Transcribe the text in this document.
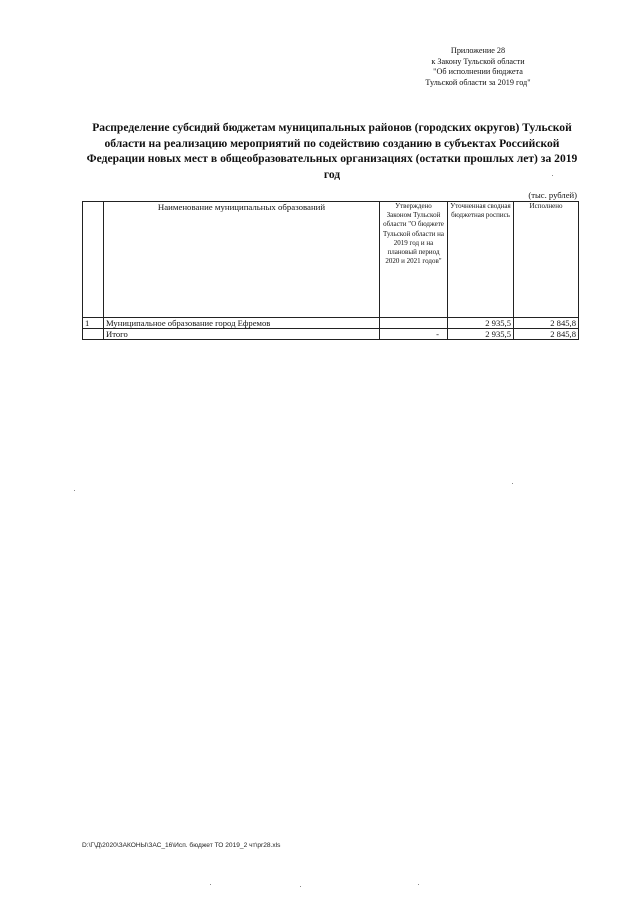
Приложение 28
к Закону Тульской области
"Об исполнении бюджета
Тульской области за 2019 год"
Распределение субсидий бюджетам муниципальных районов (городских округов) Тульской области на реализацию мероприятий по содействию созданию в субъектах Российской Федерации новых мест в общеобразовательных организациях (остатки прошлых лет) за 2019 год
(тыс. рублей)
	Наименование муниципальных образований	Утверждено Законом Тульской области "О бюджете Тульской области на 2019 год и на плановый период 2020 и 2021 годов"	Уточненная сводная бюджетная роспись	Исполнено
1	Муниципальное образование город Ефремов		2 935,5	2 845,8
	Итого	-	2 935,5	2 845,8
D:\Г\Д\2020\ЗАКОНЫ\ЗАС_16\Исп. бюджет ТО 2019_2 чт\pr28.xls
